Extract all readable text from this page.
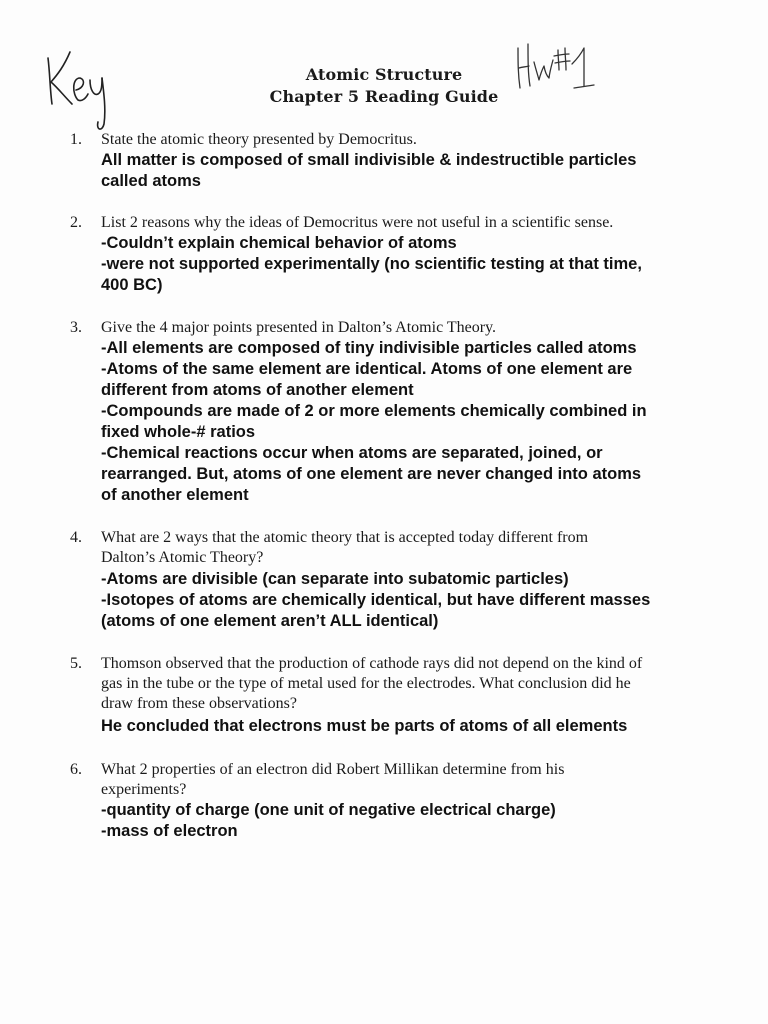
Atomic Structure
Chapter 5 Reading Guide
1. State the atomic theory presented by Democritus.
All matter is composed of small indivisible & indestructible particles
called atoms
2. List 2 reasons why the ideas of Democritus were not useful in a scientific sense.
-Couldn’t explain chemical behavior of atoms
-were not supported experimentally (no scientific testing at that time,
400 BC)
3. Give the 4 major points presented in Dalton’s Atomic Theory.
-All elements are composed of tiny indivisible particles called atoms
-Atoms of the same element are identical. Atoms of one element are
different from atoms of another element
-Compounds are made of 2 or more elements chemically combined in
fixed whole-# ratios
-Chemical reactions occur when atoms are separated, joined, or
rearranged. But, atoms of one element are never changed into atoms
of another element
4. What are 2 ways that the atomic theory that is accepted today different from
Dalton’s Atomic Theory?
-Atoms are divisible (can separate into subatomic particles)
-Isotopes of atoms are chemically identical, but have different masses
(atoms of one element aren’t ALL identical)
5. Thomson observed that the production of cathode rays did not depend on the kind of
gas in the tube or the type of metal used for the electrodes. What conclusion did he
draw from these observations?
He concluded that electrons must be parts of atoms of all elements
6. What 2 properties of an electron did Robert Millikan determine from his
experiments?
-quantity of charge (one unit of negative electrical charge)
-mass of electron
